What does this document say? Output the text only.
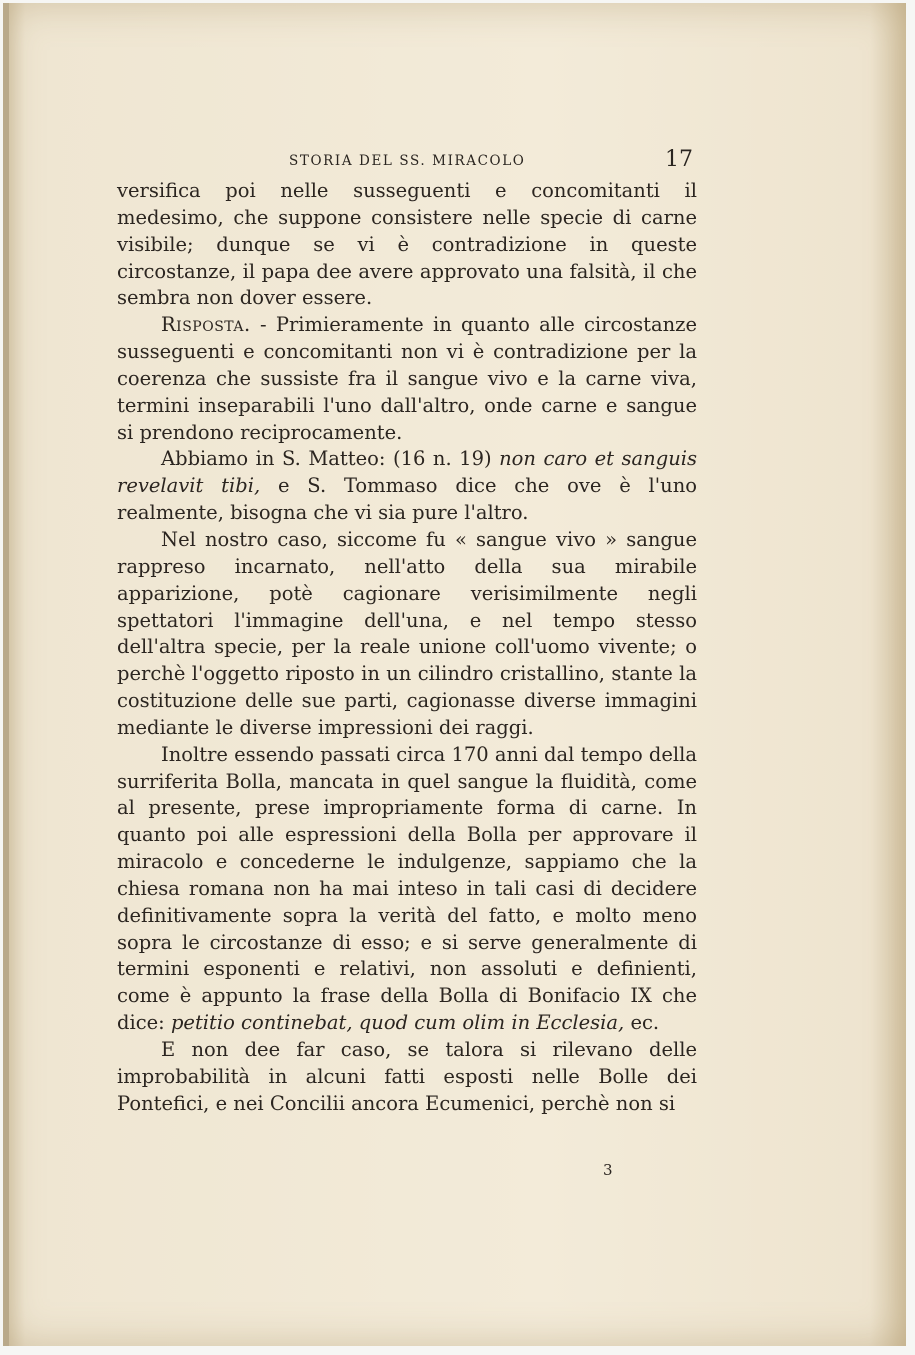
STORIA DEL SS. MIRACOLO	17

versifica poi nelle susseguenti e concomitanti il medesimo, che suppone consistere nelle specie di carne visibile; dunque se vi è contradizione in queste circostanze, il papa dee avere approvato una falsità, il che sembra non dover essere.

Risposta. - Primieramente in quanto alle circostanze susseguenti e concomitanti non vi è contradizione per la coerenza che sussiste fra il sangue vivo e la carne viva, termini inseparabili l'uno dall'altro, onde carne e sangue si prendono reciprocamente.

Abbiamo in S. Matteo: (16 n. 19) non caro et sanguis revelavit tibi, e S. Tommaso dice che ove è l'uno realmente, bisogna che vi sia pure l'altro.

Nel nostro caso, siccome fu « sangue vivo » sangue rappreso incarnato, nell'atto della sua mirabile apparizione, potè cagionare verisimilmente negli spettatori l'immagine dell'una, e nel tempo stesso dell'altra specie, per la reale unione coll'uomo vivente; o perchè l'oggetto riposto in un cilindro cristallino, stante la costituzione delle sue parti, cagionasse diverse immagini mediante le diverse impressioni dei raggi.

Inoltre essendo passati circa 170 anni dal tempo della surriferita Bolla, mancata in quel sangue la fluidità, come al presente, prese impropriamente forma di carne. In quanto poi alle espressioni della Bolla per approvare il miracolo e concederne le indulgenze, sappiamo che la chiesa romana non ha mai inteso in tali casi di decidere definitivamente sopra la verità del fatto, e molto meno sopra le circostanze di esso; e si serve generalmente di termini esponenti e relativi, non assoluti e definienti, come è appunto la frase della Bolla di Bonifacio IX che dice: petitio continebat, quod cum olim in Ecclesia, ec.

E non dee far caso, se talora si rilevano delle improbabilità in alcuni fatti esposti nelle Bolle dei Pontefici, e nei Concilii ancora Ecumenici, perchè non si

3
